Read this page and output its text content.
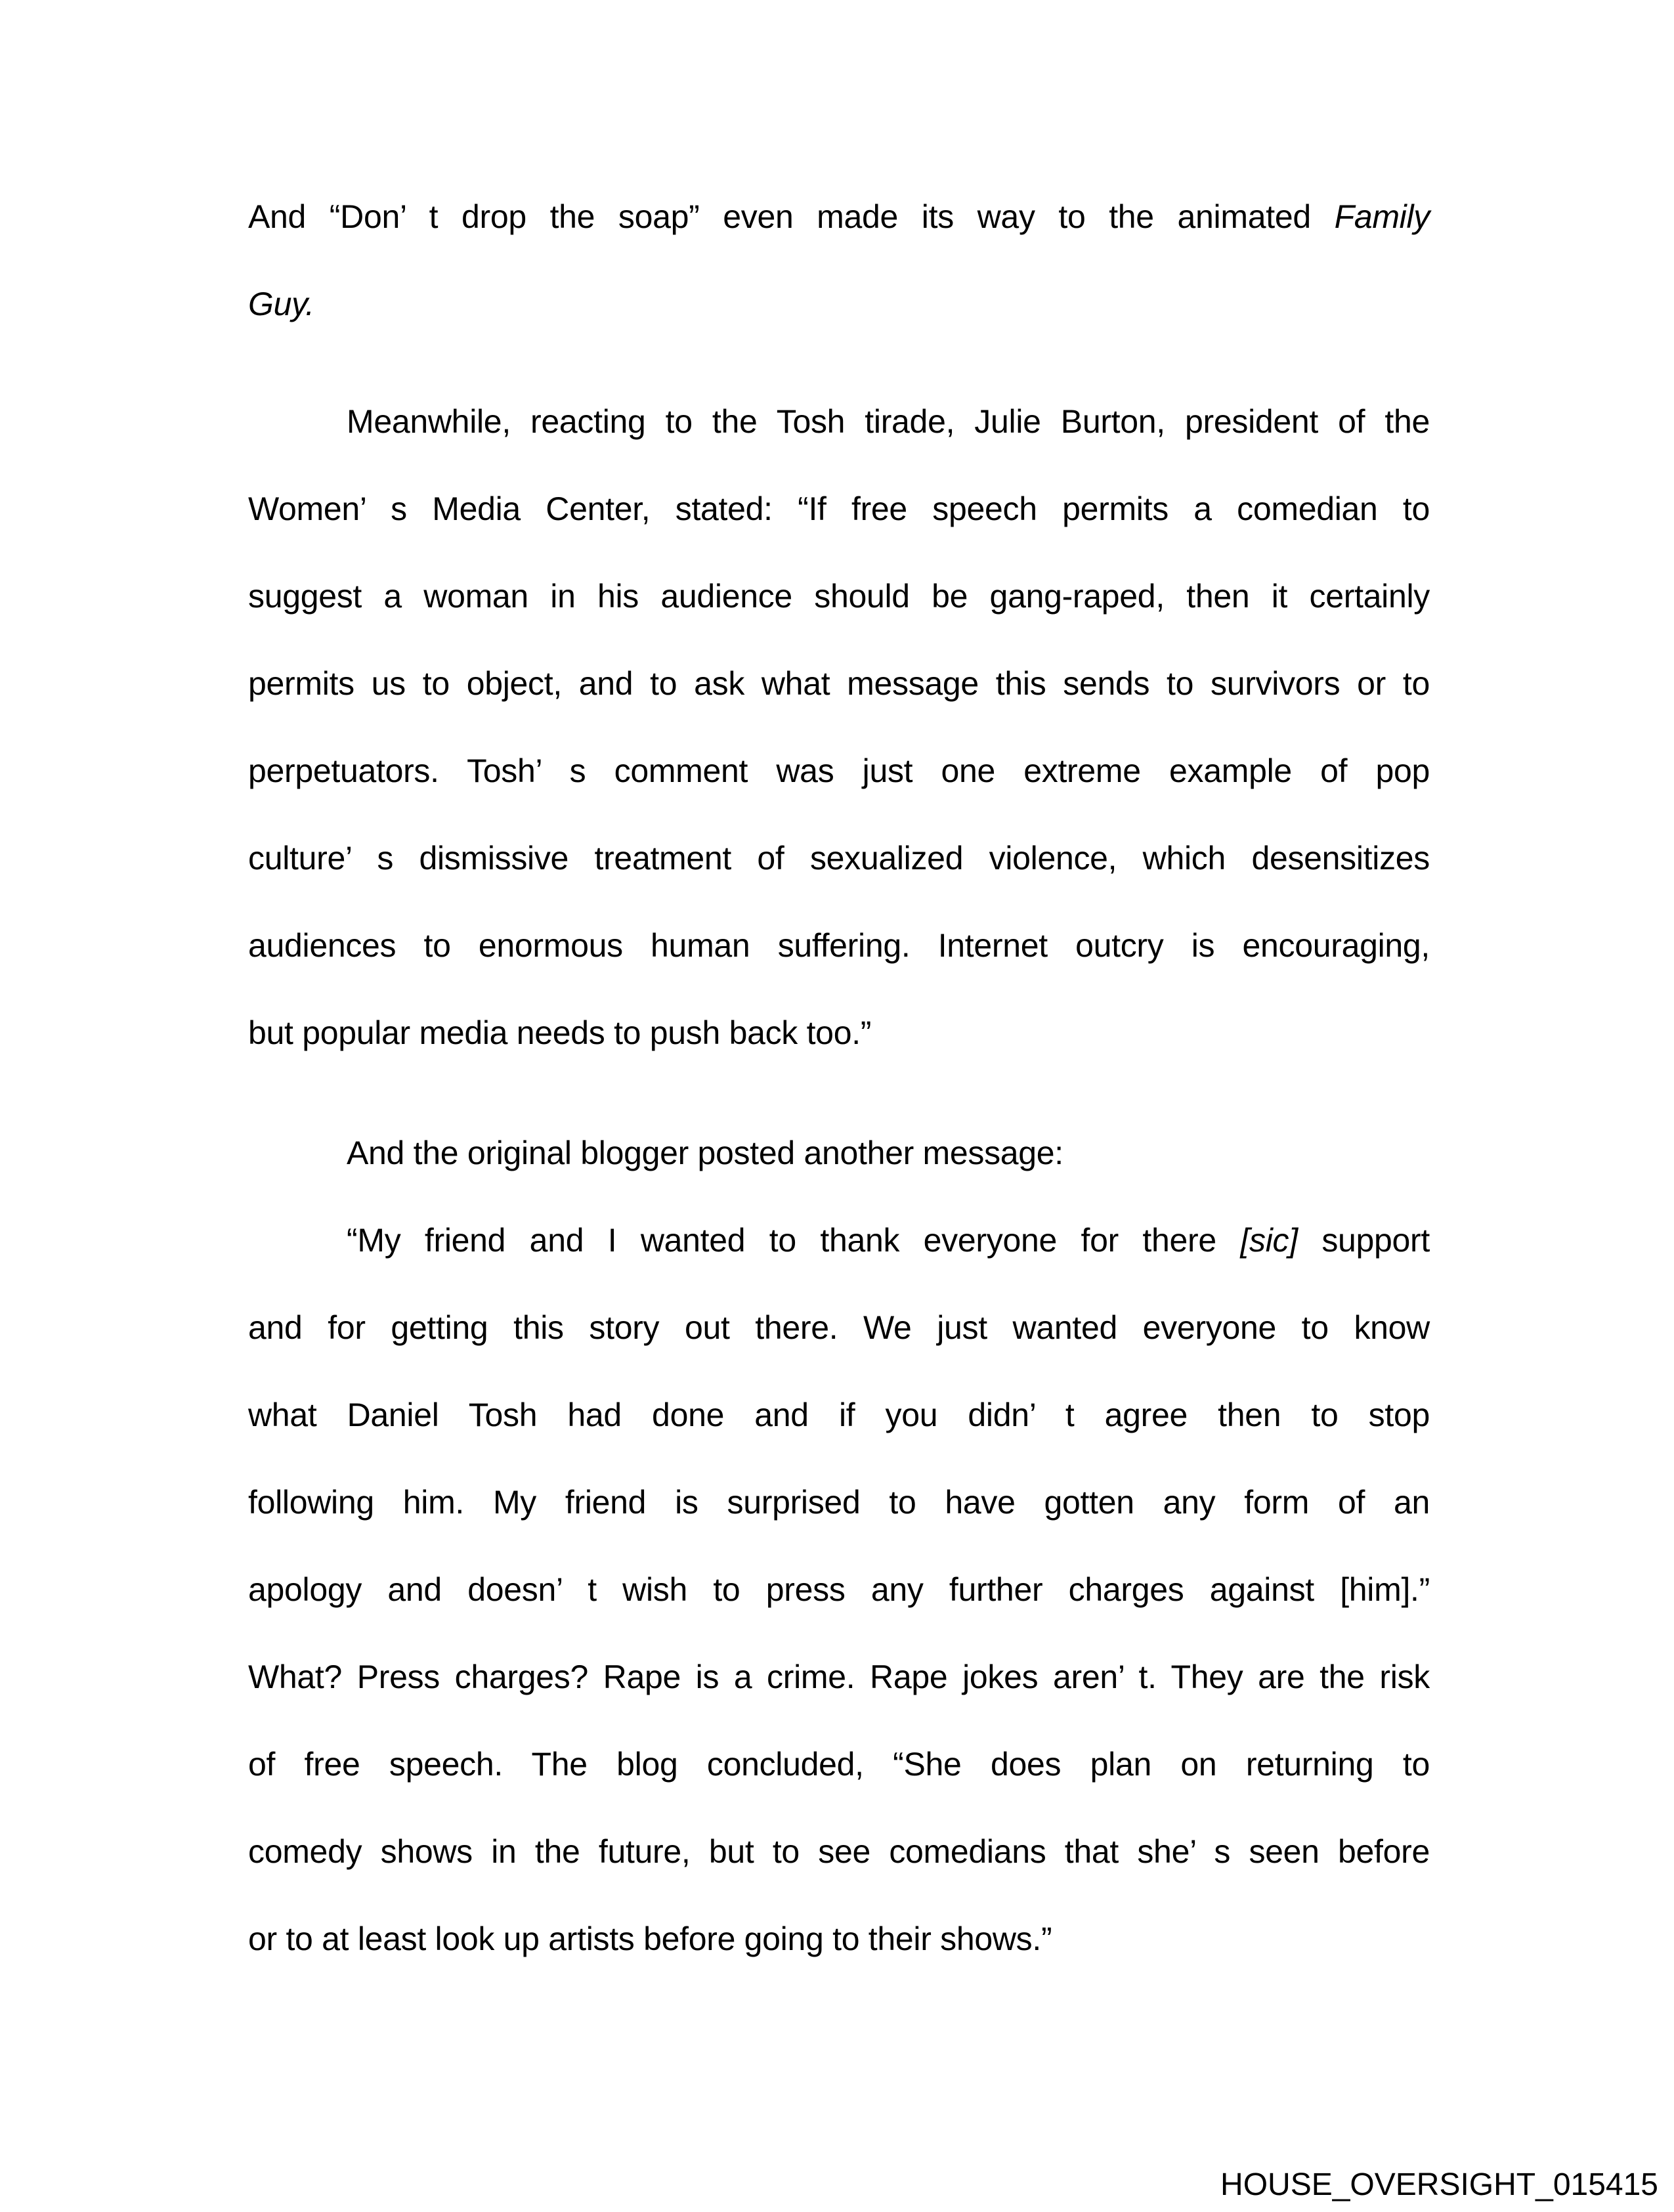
And “Don’ t drop the soap” even made its way to the animated Family
Guy.

Meanwhile, reacting to the Tosh tirade, Julie Burton, president of the
Women’ s Media Center, stated: “If free speech permits a comedian to
suggest a woman in his audience should be gang-raped, then it certainly
permits us to object, and to ask what message this sends to survivors or to
perpetuators. Tosh’ s comment was just one extreme example of pop
culture’ s dismissive treatment of sexualized violence, which desensitizes
audiences to enormous human suffering. Internet outcry is encouraging,
but popular media needs to push back too.”

And the original blogger posted another message:

“My friend and I wanted to thank everyone for there [sic] support
and for getting this story out there. We just wanted everyone to know
what Daniel Tosh had done and if you didn’ t agree then to stop
following him. My friend is surprised to have gotten any form of an
apology and doesn’ t wish to press any further charges against [him].”
What? Press charges? Rape is a crime. Rape jokes aren’ t. They are the risk
of free speech. The blog concluded, “She does plan on returning to
comedy shows in the future, but to see comedians that she’ s seen before
or to at least look up artists before going to their shows.”

HOUSE_OVERSIGHT_015415
